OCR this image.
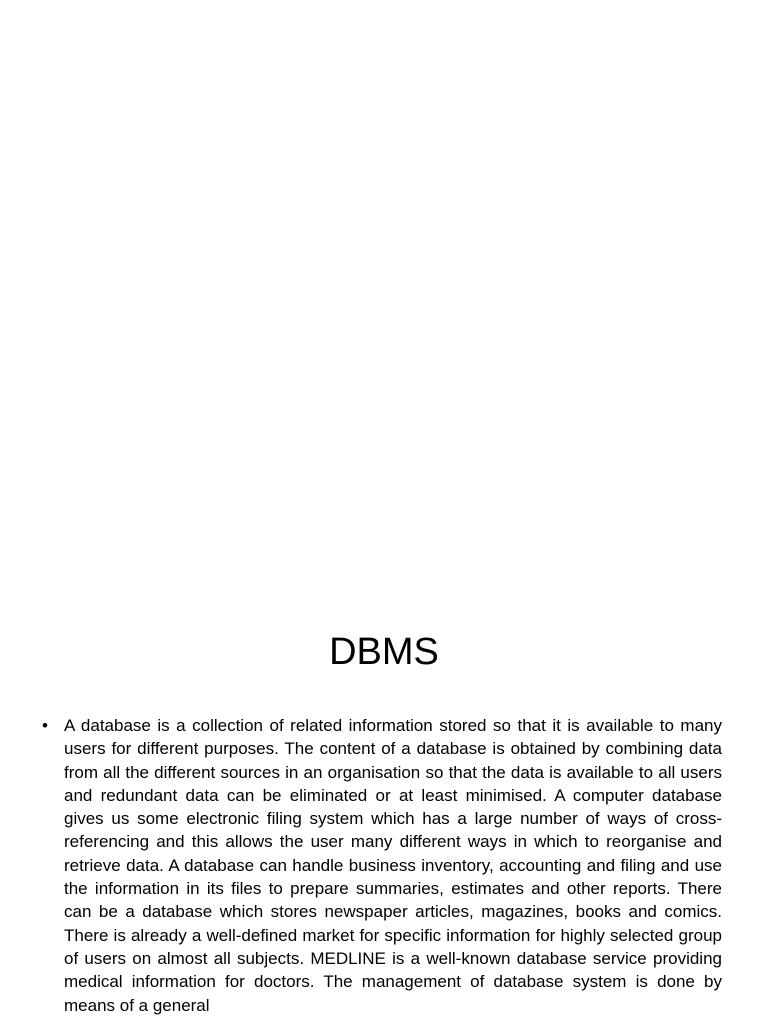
DBMS
• A database is a collection of related information stored so that it is available to many users for different purposes. The content of a database is obtained by combining data from all the different sources in an organisation so that the data is available to all users and redundant data can be eliminated or at least minimised. A computer database gives us some electronic filing system which has a large number of ways of cross-referencing and this allows the user many different ways in which to reorganise and retrieve data. A database can handle business inventory, accounting and filing and use the information in its files to prepare summaries, estimates and other reports. There can be a database which stores newspaper articles, magazines, books and comics. There is already a well-defined market for specific information for highly selected group of users on almost all subjects. MEDLINE is a well-known database service providing medical information for doctors. The management of database system is done by means of a general
